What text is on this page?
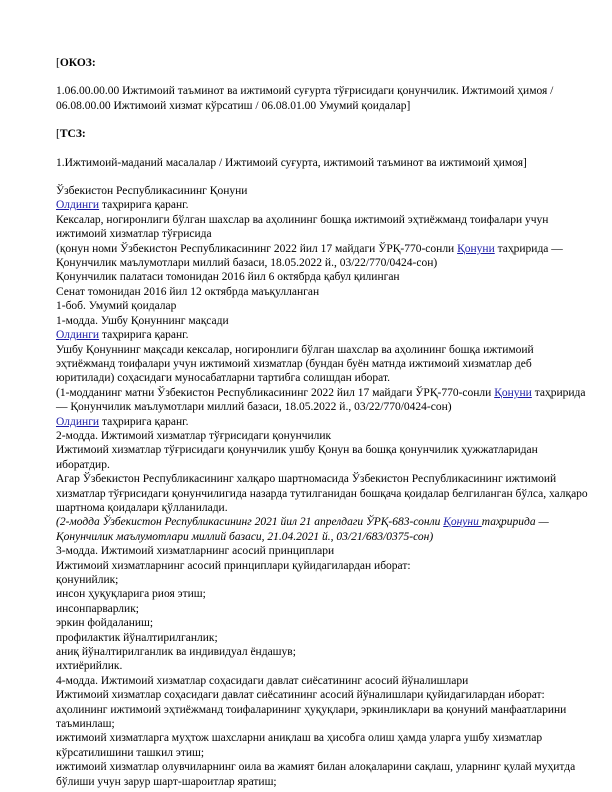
[ОКОЗ:

1.06.00.00.00 Ижтимоий таъминот ва ижтимоий суғурта тўғрисидаги қонунчилик. Ижтимоий ҳимоя / 06.08.00.00 Ижтимоий хизмат кўрсатиш / 06.08.01.00 Умумий қоидалар]

[ТСЗ:

1.Ижтимоий-маданий масалалар / Ижтимоий суғурта, ижтимоий таъминот ва ижтимоий ҳимоя]

Ўзбекистон Республикасининг Қонуни

Олдинги таҳририга қаранг.

Кексалар, ногиронлиги бўлган шахслар ва аҳолининг бошқа ижтимоий эҳтиёжманд тоифалари учун ижтимоий хизматлар тўғрисида

(қонун номи Ўзбекистон Республикасининг 2022 йил 17 майдаги ЎРҚ-770-сонли Қонуни таҳририда — Қонунчилик маълумотлари миллий базаси, 18.05.2022 й., 03/22/770/0424-сон)

Қонунчилик палатаси томонидан 2016 йил 6 октябрда қабул қилинган

Сенат томонидан 2016 йил 12 октябрда маъқулланган

1-боб. Умумий қоидалар

1-модда. Ушбу Қонуннинг мақсади

Олдинги таҳририга қаранг.

Ушбу Қонуннинг мақсади кексалар, ногиронлиги бўлган шахслар ва аҳолининг бошқа ижтимоий эҳтиёжманд тоифалари учун ижтимоий хизматлар (бундан буён матнда ижтимоий хизматлар деб юритилади) соҳасидаги муносабатларни тартибга солишдан иборат.

(1-модданинг матни Ўзбекистон Республикасининг 2022 йил 17 майдаги ЎРҚ-770-сонли Қонуни таҳририда — Қонунчилик маълумотлари миллий базаси, 18.05.2022 й., 03/22/770/0424-сон)

Олдинги таҳририга қаранг.

2-модда. Ижтимоий хизматлар тўғрисидаги қонунчилик

Ижтимоий хизматлар тўғрисидаги қонунчилик ушбу Қонун ва бошқа қонунчилик ҳужжатларидан иборатдир.

Агар Ўзбекистон Республикасининг халқаро шартномасида Ўзбекистон Республикасининг ижтимоий хизматлар тўғрисидаги қонунчилигида назарда тутилганидан бошқача қоидалар белгиланган бўлса, халқаро шартнома қоидалари қўлланилади.

(2-модда Ўзбекистон Республикасининг 2021 йил 21 апрелдаги ЎРҚ-683-сонли Қонуни таҳририда — Қонунчилик маълумотлари миллий базаси, 21.04.2021 й., 03/21/683/0375-сон)

3-модда. Ижтимоий хизматларнинг асосий принциплари

Ижтимоий хизматларнинг асосий принциплари қуйидагилардан иборат:

қонунийлик;

инсон ҳуқуқларига риоя этиш;

инсонпарварлик;

эркин фойдаланиш;

профилактик йўналтирилганлик;

аниқ йўналтирилганлик ва индивидуал ёндашув;

ихтиёрийлик.

4-модда. Ижтимоий хизматлар соҳасидаги давлат сиёсатининг асосий йўналишлари

Ижтимоий хизматлар соҳасидаги давлат сиёсатининг асосий йўналишлари қуйидагилардан иборат:

аҳолининг ижтимоий эҳтиёжманд тоифаларининг ҳуқуқлари, эркинликлари ва қонуний манфаатларини таъминлаш;

ижтимоий хизматларга муҳтож шахсларни аниқлаш ва ҳисобга олиш ҳамда уларга ушбу хизматлар кўрсатилишини ташкил этиш;

ижтимоий хизматлар олувчиларнинг оила ва жамият билан алоқаларини сақлаш, уларнинг қулай муҳитда бўлиши учун зарур шарт-шароитлар яратиш;
